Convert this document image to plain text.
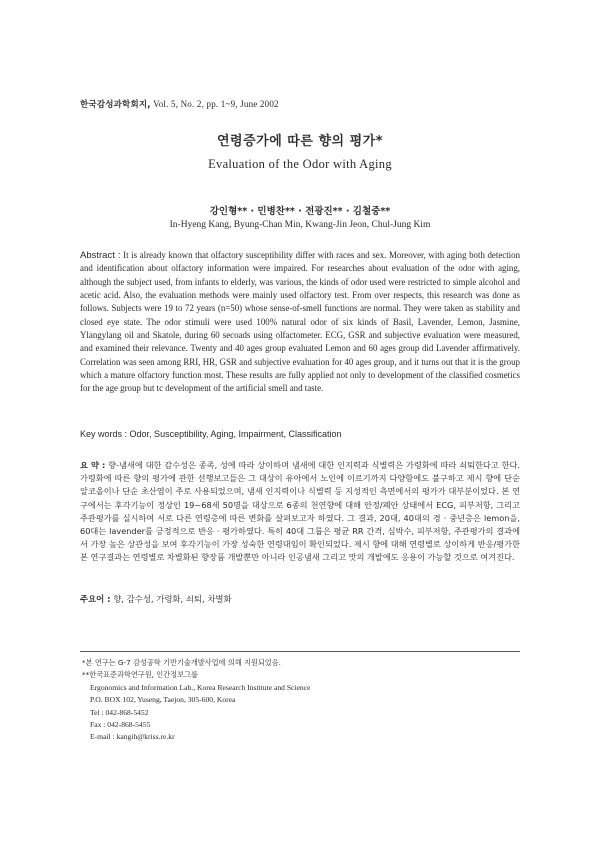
한국감성과학회지, Vol. 5, No. 2, pp. 1~9, June 2002
연령증가에 따른 향의 평가*
Evaluation of the Odor with Aging
강인형** · 민병찬** · 전광진** · 김철중**
In-Hyeng Kang, Byung-Chan Min, Kwang-Jin Jeon, Chul-Jung Kim
Abstract : It is already known that olfactory susceptibility differ with races and sex. Moreover, with aging both detection and identification about olfactory information were impaired. For researches about evaluation of the odor with aging, although the subject used, from infants to elderly, was various, the kinds of odor used were restricted to simple alcohol and acetic acid. Also, the evaluation methods were mainly used olfactory test. From over respects, this research was done as follows. Subjects were 19 to 72 years (n=50) whose sense-of-smell functions are normal. They were taken as stability and closed eye state. The odor stimuli were used 100% natural odor of six kinds of Basil, Lavender, Lemon, Jasmine, Ylangylang oil and Skatole, during 60 secoads using olfactometer. ECG, GSR and subjective evaluation were measured, and examined their relevance. Twenty and 40 ages group evaluated Lemon and 60 ages group did Lavender affirmatively. Correlation was seen among RRI, HR, GSR and subjective evaluation for 40 ages group, and it turns out that it is the group which a mature olfactory function most. These results are fully applied not only to development of the classified cosmetics for the age group but tc development of the artificial smell and taste.
Key words : Odor, Susceptibility, Aging, Impairment, Classification
요 약 : 향-냄새에 대한 감수성은 종족, 성에 따라 상이하며 냄새에 대한 인지력과 식별력은 가령화에 따라 쇠퇴한다고 한다. 가령화에 따른 향의 평가에 관한 선행보고들은 그 대상이 유아에서 노인에 이르기까지 다양함에도 불구하고 제시 향에 단순 알코올이나 단순 초산염이 주로 사용되었으며, 냄새 인지력이나 식별력 등 지성적인 측면에서의 평가가 대부분이었다. 본 연구에서는 후각기능이 정상인 19~68세 50명을 대상으로 6종의 천연향에 대해 안정/폐안 상태에서 ECG, 피부저항, 그리고 주관평가를 실시하여 서로 다른 연령층에 따른 변화를 살펴보고자 하였다. 그 결과, 20대, 40대의 경 · 중년층은 lemon을, 60대는 lavender를 긍정적으로 반응 · 평가하였다. 특히 40대 그룹은 평균 RR 간격, 심박수, 피부저항, 주관평가의 결과에서 가장 높은 상관성을 보여 후각기능이 가장 성숙한 연령대임이 확인되었다. 제시 향에 대해 연령별로 상이하게 반응/평가한 본 연구결과는 연령별로 차별화된 향장품 개발뿐만 아니라 인공냄새 그리고 맛의 개발에도 응용이 가능할 것으로 여겨진다.
주요어 : 향, 감수성, 가령화, 쇠퇴, 차별화
*본 연구는 G-7 감성공학 기반기술개발사업에 의해 지원되었음.
**한국표준과학연구원, 인간정보그룹
Ergonomics and Information Lab., Korea Research Institute and Science
P.O. BOX 102, Yuseng, Taejon, 305-600, Korea
Tel : 042-868-5452
Fax : 042-868-5455
E-mail : kangih@kriss.re.kr
